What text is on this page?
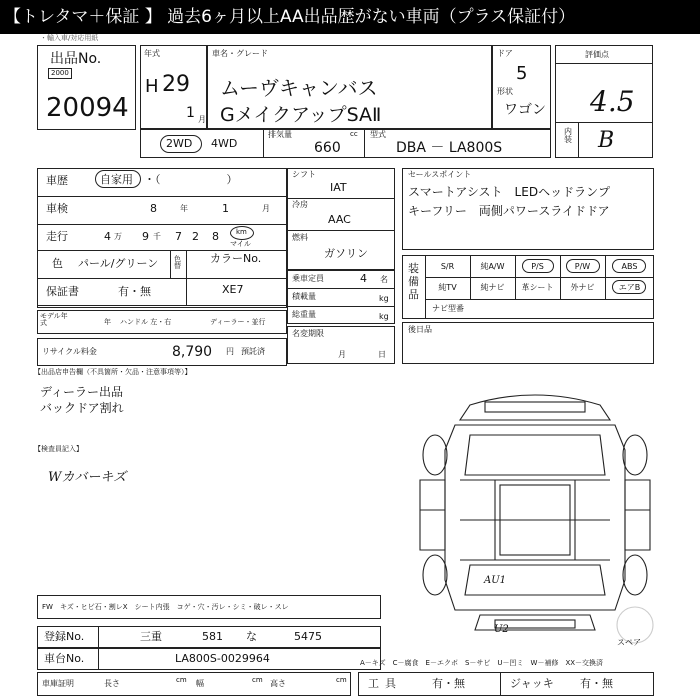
【トレタマ＋保証 】 過去6ヶ月以上AA出品歴がない車両（プラス保証付）
・輸入車/対応用紙
出品No.
2000
20094
年式
H 29
1 月
車名・グレード
ムーヴキャンバス
GメイクアップSAⅡ
ドア
5
形状
ワゴン
評価点
4.5
内装 B
2WD 4WD
排気量	cc
660
型式
DBA － LA800S
車歴	自家用 ・（　　　　　　）
車検	8	年	1	月
走行	4 万 9 千 7 2 8 km
マイル
色 パール/グリーン 色替
カラーNo.
XE7
保証書	有・無
モデル年式	年 ハンドル 左・右	ディーラー・並行
シフト
IAT
冷房
AAC
燃料
ガソリン
乗車定員	4 名
積載量	kg
総重量	kg
名変期限
月	日
リサイクル料金	8,790 円 預託済
セールスポイント
スマートアシスト　LEDヘッドランプ
キーフリー　両側パワースライドドア
装備品
S/R	純A/W	P/S	P/W	ABS
純TV	純ナビ	革シート	外ナビ	エアB
ナビ型番
後日品
【出品店申告欄（不具箇所・欠品・注意事項等）】
ディーラー出品
バックドア割れ
【検査員記入】
Wカバーキズ
AU1
U2
スペア
FW　キズ・ヒビ石・割レX　シート内張　コゲ・穴・汚レ・シミ・破レ・スレ
登録No.	三重	581 な	5475
車台No.	LA800S-0029964	A－キズ　C－腐食　E－エクボ　S－サビ　U－凹ミ　W－補修　XX－交換済
車庫証明	長さ	cm 幅	cm 高さ	cm 工具	有・無	ジャッキ 有・無
